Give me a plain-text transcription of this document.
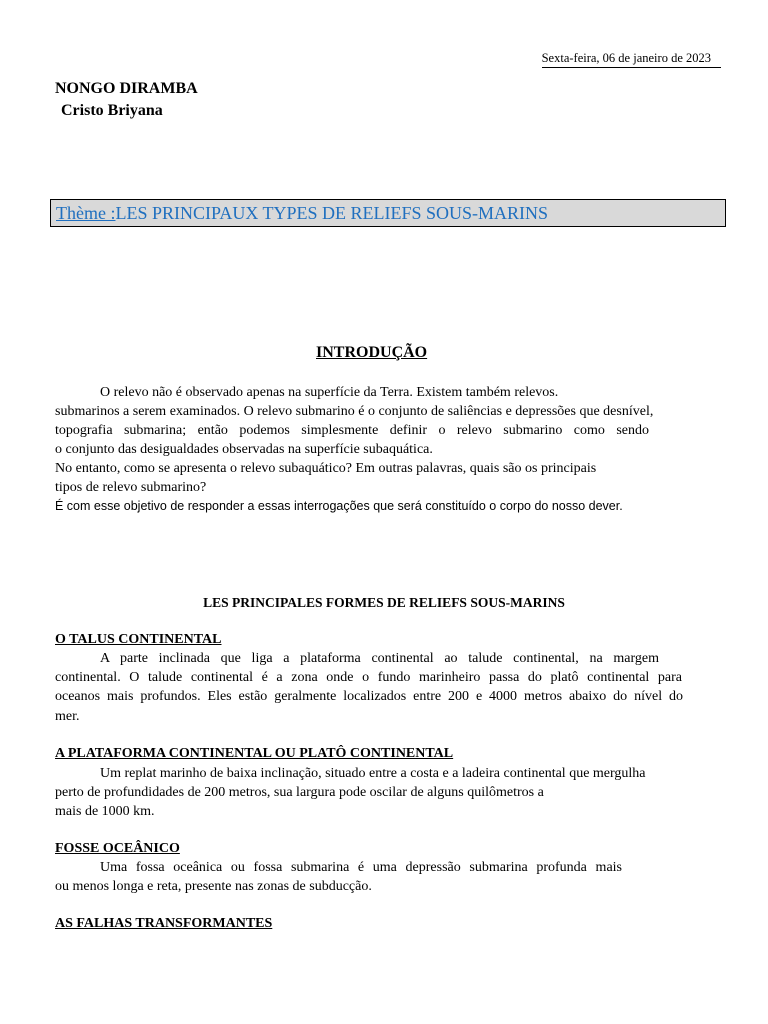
Sexta-feira, 06 de janeiro de 2023
NONGO DIRAMBA
Cristo Briyana
Thème :LES PRINCIPAUX TYPES DE RELIEFS SOUS-MARINS
INTRODUÇÃO
O relevo não é observado apenas na superfície da Terra. Existem também relevos.
submarinos a serem examinados. O relevo submarino é o conjunto de saliências e depressões que desnível,
topografia submarina; então podemos simplesmente definir o relevo submarino como sendo
o conjunto das desigualdades observadas na superfície subaquática.
No entanto, como se apresenta o relevo subaquático? Em outras palavras, quais são os principais
tipos de relevo submarino?
É com esse objetivo de responder a essas interrogações que será constituído o corpo do nosso dever.
LES PRINCIPALES FORMES DE RELIEFS SOUS-MARINS
O TALUS CONTINENTAL
A parte inclinada que liga a plataforma continental ao talude continental, na margem
continental. O talude continental é a zona onde o fundo marinheiro passa do platô continental para
oceanos mais profundos. Eles estão geralmente localizados entre 200 e 4000 metros abaixo do nível do
mer.
A PLATAFORMA CONTINENTAL OU PLATÔ CONTINENTAL
Um replat marinho de baixa inclinação, situado entre a costa e a ladeira continental que mergulha
perto de profundidades de 200 metros, sua largura pode oscilar de alguns quilômetros a
mais de 1000 km.
FOSSE OCEÂNICO
Uma fossa oceânica ou fossa submarina é uma depressão submarina profunda mais
ou menos longa e reta, presente nas zonas de subducção.
AS FALHAS TRANSFORMANTES
